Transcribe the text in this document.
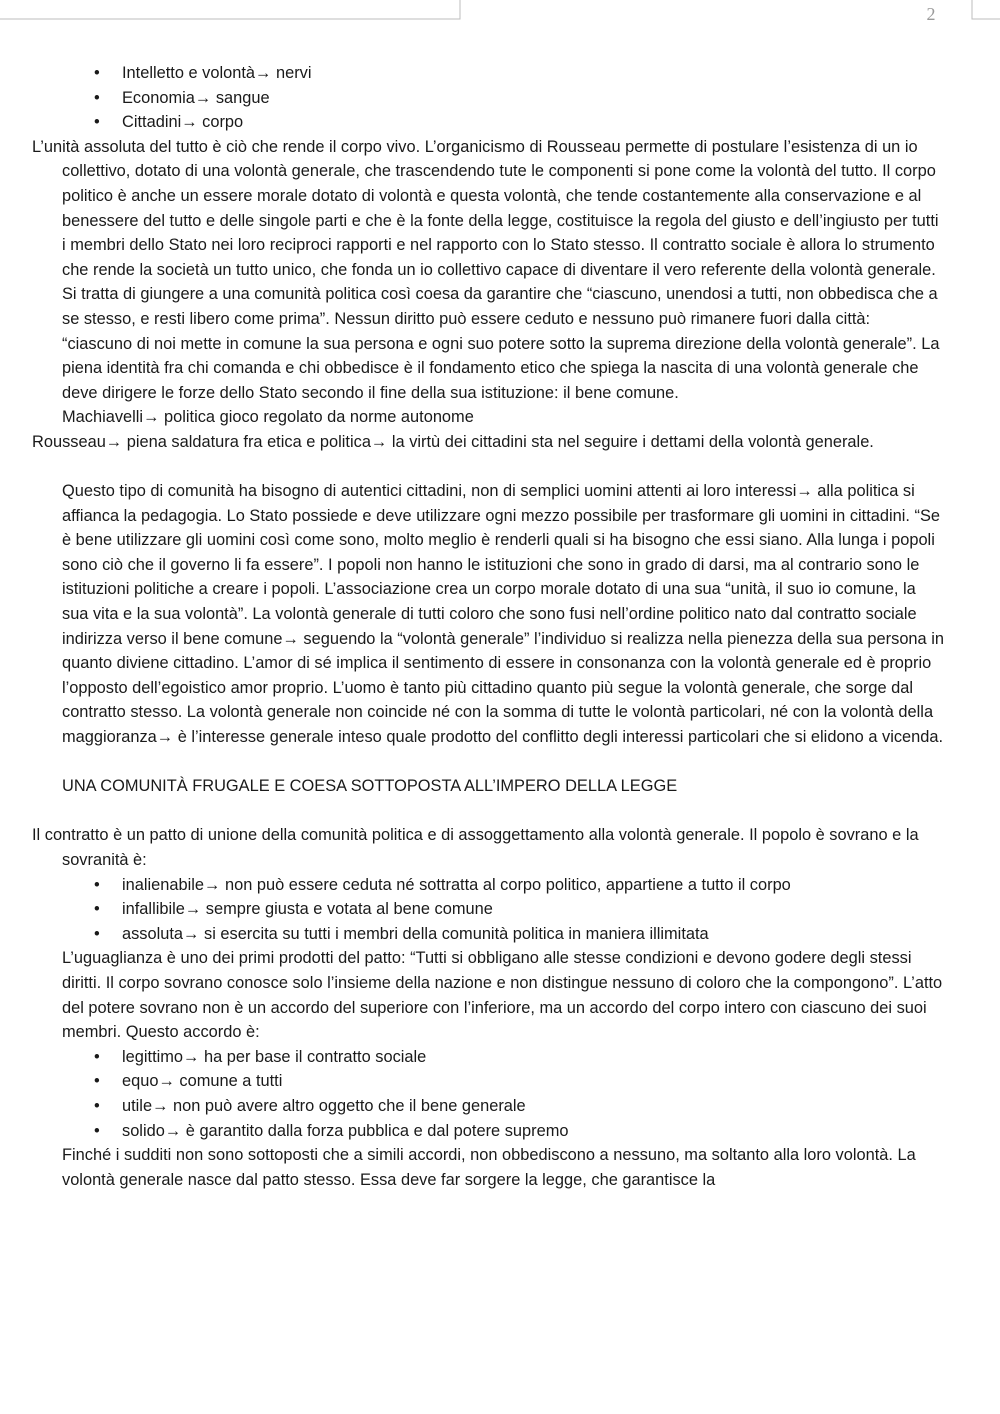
2
• Intelletto e volontà→ nervi
• Economia→ sangue
• Cittadini→ corpo

L’unità assoluta del tutto è ciò che rende il corpo vivo. L’organicismo di Rousseau permette di postulare l’esistenza di un io collettivo, dotato di una volontà generale, che trascendendo tute le componenti si pone come la volontà del tutto. Il corpo politico è anche un essere morale dotato di volontà e questa volontà, che tende costantemente alla conservazione e al benessere del tutto e delle singole parti e che è la fonte della legge, costituisce la regola del giusto e dell’ingiusto per tutti i membri dello Stato nei loro reciproci rapporti e nel rapporto con lo Stato stesso. Il contratto sociale è allora lo strumento che rende la società un tutto unico, che fonda un io collettivo capace di diventare il vero referente della volontà generale. Si tratta di giungere a una comunità politica così coesa da garantire che “ciascuno, unendosi a tutti, non obbedisca che a se stesso, e resti libero come prima”. Nessun diritto può essere ceduto e nessuno può rimanere fuori dalla città: “ciascuno di noi mette in comune la sua persona e ogni suo potere sotto la suprema direzione della volontà generale”. La piena identità fra chi comanda e chi obbedisce è il fondamento etico che spiega la nascita di una volontà generale che deve dirigere le forze dello Stato secondo il fine della sua istituzione: il bene comune.

Machiavelli→ politica gioco regolato da norme autonome

Rousseau→ piena saldatura fra etica e politica→ la virtù dei cittadini sta nel seguire i dettami della volontà generale.

Questo tipo di comunità ha bisogno di autentici cittadini, non di semplici uomini attenti ai loro interessi→ alla politica si affianca la pedagogia. Lo Stato possiede e deve utilizzare ogni mezzo possibile per trasformare gli uomini in cittadini. “Se è bene utilizzare gli uomini così come sono, molto meglio è renderli quali si ha bisogno che essi siano. Alla lunga i popoli sono ciò che il governo li fa essere”. I popoli non hanno le istituzioni che sono in grado di darsi, ma al contrario sono le istituzioni politiche a creare i popoli. L’associazione crea un corpo morale dotato di una sua “unità, il suo io comune, la sua vita e la sua volontà”. La volontà generale di tutti coloro che sono fusi nell’ordine politico nato dal contratto sociale indirizza verso il bene comune→ seguendo la “volontà generale” l’individuo si realizza nella pienezza della sua persona in quanto diviene cittadino. L’amor di sé implica il sentimento di essere in consonanza con la volontà generale ed è proprio l’opposto dell’egoistico amor proprio. L’uomo è tanto più cittadino quanto più segue la volontà generale, che sorge dal contratto stesso. La volontà generale non coincide né con la somma di tutte le volontà particolari, né con la volontà della maggioranza→ è l’interesse generale inteso quale prodotto del conflitto degli interessi particolari che si elidono a vicenda.

UNA COMUNITÀ FRUGALE E COESA SOTTOPOSTA ALL’IMPERO DELLA LEGGE

Il contratto è un patto di unione della comunità politica e di assoggettamento alla volontà generale. Il popolo è sovrano e la sovranità è:

• inalienabile→ non può essere ceduta né sottratta al corpo politico, appartiene a tutto il corpo
• infallibile→ sempre giusta e votata al bene comune
• assoluta→ si esercita su tutti i membri della comunità politica in maniera illimitata

L’uguaglianza è uno dei primi prodotti del patto: “Tutti si obbligano alle stesse condizioni e devono godere degli stessi diritti. Il corpo sovrano conosce solo l’insieme della nazione e non distingue nessuno di coloro che la compongono”. L’atto del potere sovrano non è un accordo del superiore con l’inferiore, ma un accordo del corpo intero con ciascuno dei suoi membri. Questo accordo è:

• legittimo→ ha per base il contratto sociale
• equo→ comune a tutti
• utile→ non può avere altro oggetto che il bene generale
• solido→ è garantito dalla forza pubblica e dal potere supremo

Finché i sudditi non sono sottoposti che a simili accordi, non obbediscono a nessuno, ma soltanto alla loro volontà. La volontà generale nasce dal patto stesso. Essa deve far sorgere la legge, che garantisce la
